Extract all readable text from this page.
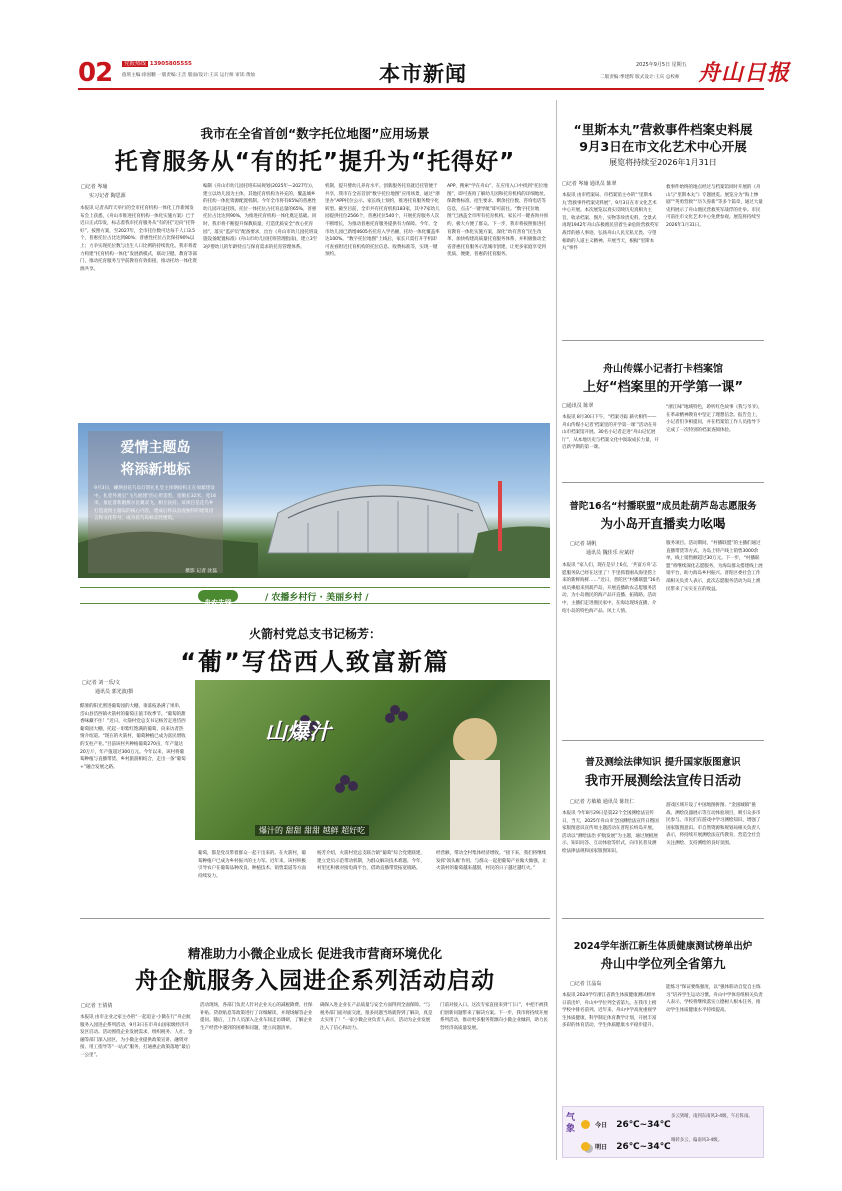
02	党报热线 13905805555
值班主编:徐国鹏 一版责编:王音 版面/设计:王宾 运行师 审读:黄灿	本市新闻	2025年9月5日 星期五
二版责编:季建辉 版式设计:王宾 总校师 舟山日报
我市在全省首创“数字托位地图”应用场景
托育服务从“有的托”提升为“托得好”
□记者 岑瑜
实习记者 陶思源
本报讯 记者从昨天举行的全市托育机构一体化工作新闻发布会上获悉，《舟山市推进托育机构一体化实施方案》已于近日正式印发，标志着我市托育服务从“有的托”迈向“托得好”。按照方案，至2027年，全市托位数可达每千人口3.5个，普惠托位占比达到80%；普惠性托位占比保持90%以上；力争实现托位数与出生人口比例的持续优化。我市将着力构建“托育机构一体化”发展新模式，联动卫健、教育等部门，推动托育服务与学前教育有效衔接，推动托幼一体化资源共享。
编制《舟山市幼儿园托班布局规划(2025年—2027年)》，建立以幼儿园为主体，其他托育机构为补充的、覆盖城乡的托幼一体化资源配置机制。今年全市将有65%的普惠性幼儿园开设托班。托位一体托位占托育总量的65%，普惠托位占比达到90%，为推进托育机构一体化奠定基础。同时，我市将不断提升保教质量，打造优质安全“放心托育园”，落实“监护员”配备要求，出台《舟山市幼儿园托班设施设备配置标准》(舟山市幼儿园托班管理指南)，建立3至3岁婴幼儿的年龄特点与保育需求的托育管理体系。
机制，提升婴幼儿养育水平。创新服务托育就近托管便于共享，我市在全省首创“数字托位地图”应用场景，通过“浙里办”APP托位公示、家长线上预约，推进托育服务数字化转型。截至目前，全市共有托育机构183家，其中7家幼儿园提供托位2566个，普惠托位540个，开展托育服务人次不断增长，为推动普惠托育服务提供有力保障。今年，全市幼儿园已新增4605名托育入学名额，托幼一体化覆盖率达100%。“数字托位地图”上线后，家长只需打开手机即可查看附近托育机构的托位信息、收费标准等，实现一键预约。
APP，搜索“学在舟山”，在应用入口中找到“托位地图”，即可查询了解幼儿园和托育机构的详细地址、保教费标准、招生要求、剩余托位数、咨询电话等信息，点击“一键导航”即可前往。“数字托位地图”已涵盖全市所有托育机构，家长可一键查询并预约，极大方便了群众。下一步，我市将按照推进托育教育一体化实施方案，深化“幼有善育”民生改革，加快构建高质量托育服务体系，并积极推动全省普惠托育服务示范城市创建，让更多家庭享受到优质、便捷、普惠的托育服务。
爱情主题岛
将添新地标
9月3日，嵊泗县花鸟岛灯塔礼礼堂主体钢结构正在加紧建设中。礼堂外观呈“飞鸟展翅”的心形造型，宽敞长32米，宽16米，象征着新婚燕尔比翼双飞，相互扶持。该项目是花鸟乡打造爱情主题岛的核心内容，建成后将以浪漫独特的建筑语言和文化符号，成为花鸟岛标志性建筑。
摄影 记者 沈磊
舟农先锋	/ 农播乡村行 · 美丽乡村 /
火箭村党总支书记杨芳：
“葡”写岱西人致富新篇
□记者 刘一乐/文
通讯员 郭光波/摄
酷暑的阳光照进葡萄园的大棚，垂落枝条满了果串，岱山县岱西镇火箭村的葡萄正值丰收季节。“葡萄的甜香味藏不住！”近日，火箭村党总支书记杨芳走进岱西葡萄园大棚，托起一串紫红饱满的葡萄，向来访者热情介绍道。“现在的火箭村，葡萄种植已成为富民增收的支柱产业。”目前该村共种植葡萄270亩，年产量达20万斤，年产值超过300万元。今年以来，该村将葡萄种植与直播带货、乡村旅游相结合，走出一条“葡萄+”融合发展之路。
山爆汁
爆汁的 甜甜 甜甜 越鲜 超好吃
葡萄，都是党员带着群众一起干出来的。在火箭村，葡萄种植户已成为乡村振兴的主力军。近年来，该村积极引导农户在葡萄品种改良、种植技术、销售渠道等方面持续发力。
杨芳介绍，火箭村党总支联合镇“葡萄”综合党建联建，建立党员示范带动机制，为群众解决技术难题。今年，村里还积极对接电商平台，借助直播带货拓宽销路。
经营额，带动全村集体经济增收。“接下来，我们将继续发挥‘领头雁’作用，与群众一起把葡萄产业做大做强，让火箭村的葡萄越来越甜，村民的日子越过越红火。”
精准助力小微企业成长 促进我市营商环境优化
舟企航服务入园进企系列活动启动
□记者 王倩倩
本报讯 由市企业之家主办的“一起追企·小微在行”舟企航服务入园进企系列活动，9月3日在市舟山国家级经济开发区启动。活动围绕企业发展需求，组织税务、人社、金融等部门深入园区，为小微企业提供政策宣讲、融资对接、用工指导等“一站式”服务，打通惠企政策落地“最后一公里”。
活动现场，各部门负责人针对企业关心的减税降费、社保补贴、贷款贴息等政策进行了详细解读，并现场解答企业提问。随后，工作人员深入企业车间走访调研，了解企业生产经营中遇到的困难和问题，建立问题清单。
确保入进企业在产品质量与安全方面得到全面保障。“与税务部门面对面交流，很多问题当场就得到了解决，真是太实用了！”一家小微企业负责人表示，活动为企业发展注入了信心和动力。
门前对接入口。这次专家直接来到“门口”，中把不被我们创新问题带来了解决方案。下一步，我市将持续开展系列活动，推动更多服务资源向小微企业倾斜，助力民营经济高质量发展。
“里斯本丸”营救事件档案史料展
9月3日在市文化艺术中心开展
展览将持续至2026年1月31日
□记者 岑瑜 通讯员 陈翠
本报讯 由市档案局、市档案馆主办的“‘里斯本丸’营救事件档案史料展”，9月3日在市文化艺术中心开展。本次展览以真实反映历史真相为主旨，收录档案、图片、实物等珍贵史料，全景式再现1942年舟山东极渔民冒着生命危险营救英军战俘的感人事迹，弘扬舟山人民无私无畏、守望相助的人道主义精神。开展当天，根据“里斯本丸”事件
救事件始终的地点经过与档案馆同时开展的《舟山与“里斯本丸”》专题展览。展览分为“海上惨剧”“英勇营救”“历久弥新”等多个篇章，通过大量史料展示了舟山渔民营救英军战俘的壮举。市民可前往市文化艺术中心免费参观。展览将持续至2026年1月31日。
舟山传媒小记者打卡档案馆
上好“档案里的开学第一课”
□通讯员 陈翠
本报讯 8月30日下午，“档案寻踪 薪火相传——舟山传媒小记者‘档案里的开学第一课’”活动在舟山市档案馆开展。30名小记者走进“舟山记忆展厅”，从本地历史与档案文化中汲取成长力量，开启新学期的第一课。
“浙江味”地域特色，聆听红色故事《我与爷爷》，在革命精神教育中坚定了理想信念。报告会上，小记者们争相提问，并在档案馆工作人员指导下完成了一次特别的档案查阅体验。
普陀16名“村播联盟”成员赴葫芦岛志愿服务
为小岛开直播卖力吆喝
□记者 胡帆
通讯员 魏佳乐 应斌妤
本报讯 “家人们，现在是早上6点，‘共富方舟’志愿服务队已经在这里了！手里抓着刚从海里捞上来的新鲜海鲜……”近日，普陀区“村播联盟”16名成员乘船来到葫芦岛，开展直播助农志愿服务活动，为小岛渔民的海产品开直播、拓销路。活动中，主播们走进渔民家中，在海边现场直播，介绍小岛的特色海产品、风土人情。
服务项目。活动期间，“村播联盟”的主播们通过直播带货等方式，为岛上特产线上销售3000余单，线上销售额超过30万元。下一步，“村播联盟”将继续深化志愿服务，为海岛群众搭建线上展销平台，助力海岛乡村振兴。普陀区委社会工作部相关负责人表示，此次志愿服务活动为岛上渔民带来了实实在在的收益。
普及测绘法律知识 提升国家版图意识
我市开展测绘法宣传日活动
□记者 方敏敏 通讯员 陈钰仁
本报讯 今年8月29日是第22个全国测绘法宣传日，当天，2025年舟山市全国测绘法宣传日暨国家版图意识宣传周主题活动在普陀长峙岛开展。活动以“测绘法治 护航发展”为主题，通过展板展示、知识问答、互动体验等形式，向市民普及测绘法律法规和国家版图知识。
游戏区域开设了中国地图拼图、“金国城镇”挑战、测绘仪器展示等互动体验项目，吸引众多市民参与。市民们在游戏中学习测绘知识，增强了国家版图意识。市自然资源和规划局相关负责人表示，将持续开展测绘法宣传教育，营造全社会关注测绘、支持测绘的良好氛围。
2024学年浙江新生体质健康测试榜单出炉
舟山中学位列全省第九
□记者 江晶岛
本报讯 2024学年浙江省新生体质健康测试榜单日前出炉，舟山中学位列全省第九，在我市上榜学校中排名前列。近年来，舟山中学高度重视学生体质健康，科学制定体育教学计划，开展丰富多彩的体育活动，学生体质健康水平稳步提升。
能练习“保证要练强度，以“强体筋动自觉自主练习”培养学生运动习惯。舟山中学体育组相关负责人表示，学校将继续落实立德树人根本任务，推动学生体质健康水平持续提高。
气象	今日 26℃~34℃
多云到晴，南到东南风3-4级，午后阵雨。
明日 26℃~34℃
晴转多云，偏南风3-4级。
